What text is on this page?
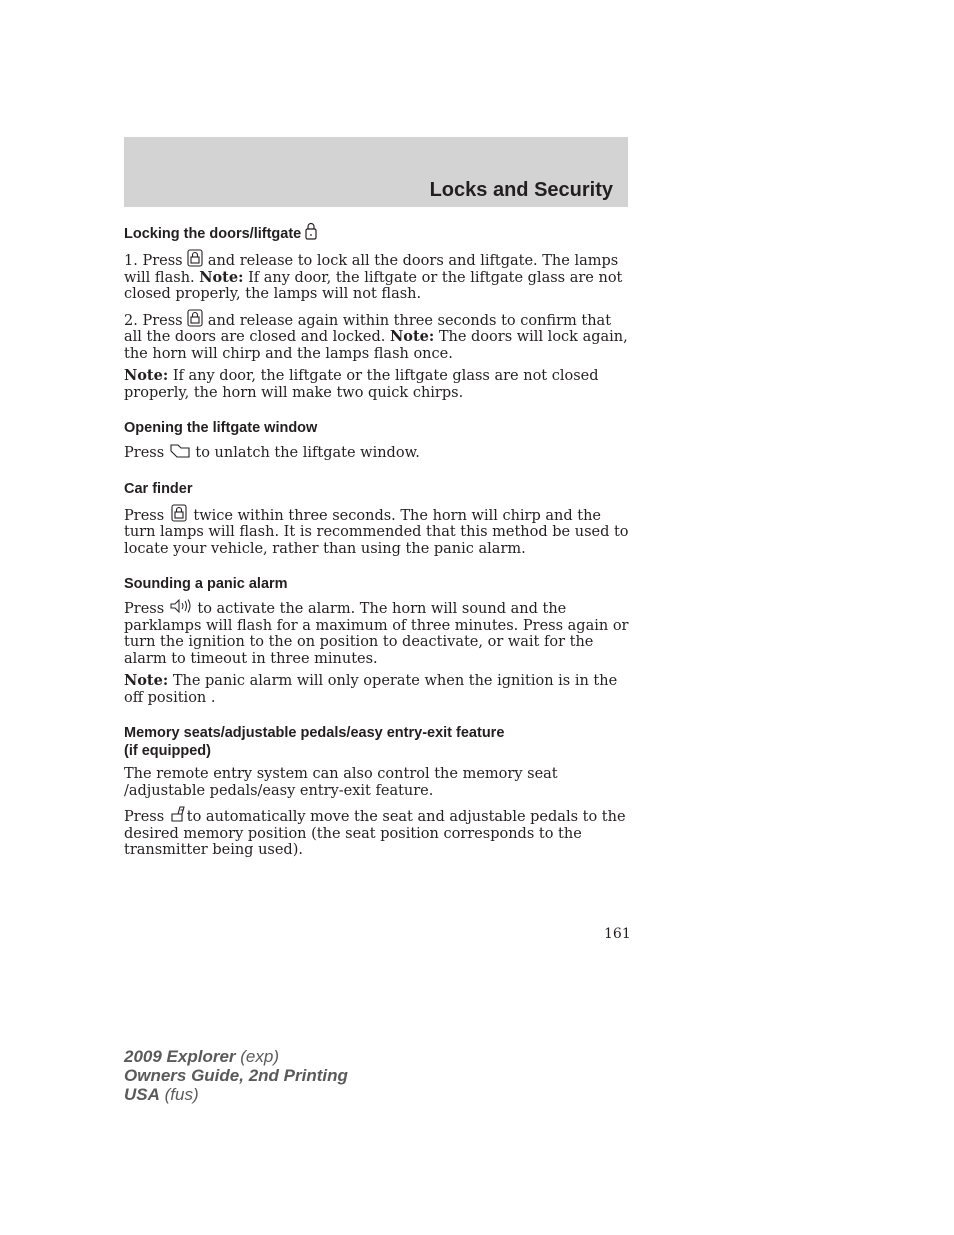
Locks and Security
Locking the doors/liftgate

1. Press and release to lock all the doors and liftgate. The lamps will flash. Note: If any door, the liftgate or the liftgate glass are not closed properly, the lamps will not flash.

2. Press and release again within three seconds to confirm that all the doors are closed and locked. Note: The doors will lock again, the horn will chirp and the lamps flash once.

Note: If any door, the liftgate or the liftgate glass are not closed properly, the horn will make two quick chirps.

Opening the liftgate window

Press to unlatch the liftgate window.

Car finder

Press twice within three seconds. The horn will chirp and the turn lamps will flash. It is recommended that this method be used to locate your vehicle, rather than using the panic alarm.

Sounding a panic alarm

Press to activate the alarm. The horn will sound and the parklamps will flash for a maximum of three minutes. Press again or turn the ignition to the on position to deactivate, or wait for the alarm to timeout in three minutes.

Note: The panic alarm will only operate when the ignition is in the off position .

Memory seats/adjustable pedals/easy entry-exit feature
(if equipped)

The remote entry system can also control the memory seat /adjustable pedals/easy entry-exit feature.

Press to automatically move the seat and adjustable pedals to the desired memory position (the seat position corresponds to the transmitter being used).

161
2009 Explorer (exp)
Owners Guide, 2nd Printing
USA (fus)
